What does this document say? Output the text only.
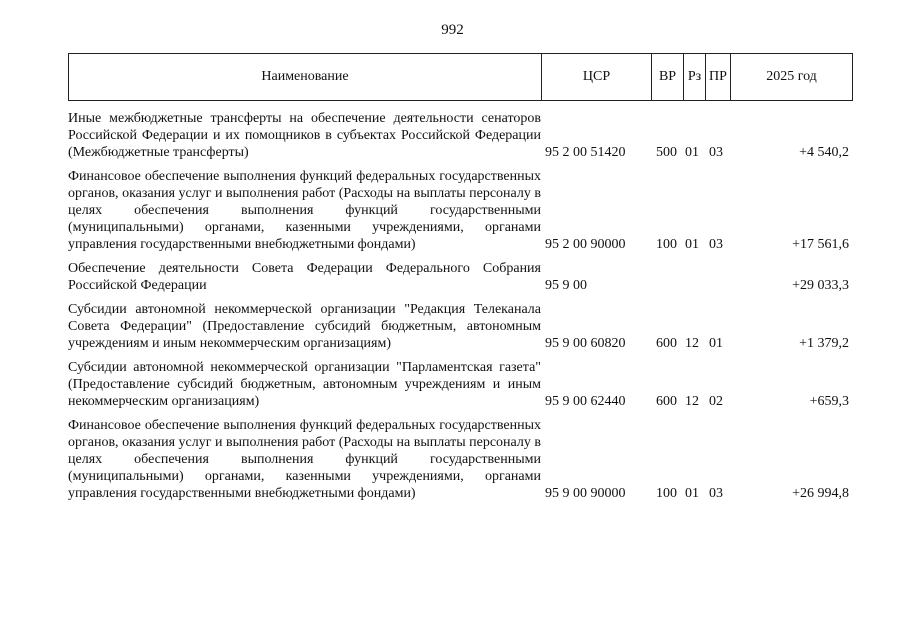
992
Наименование	ЦСР	ВР Рз ПР	2025 год
Иные межбюджетные трансферты на обеспечение деятельности сенаторов Российской Федерации и их помощников в субъектах Российской Федерации (Межбюджетные трансферты)	95 2 00 51420	500 01 03	+4 540,2
Финансовое обеспечение выполнения функций федеральных государственных органов, оказания услуг и выполнения работ (Расходы на выплаты персоналу в целях обеспечения выполнения функций государственными (муниципальными) органами, казенными учреждениями, органами управления государственными внебюджетными фондами)	95 2 00 90000	100 01 03	+17 561,6
Обеспечение деятельности Совета Федерации Федерального Собрания Российской Федерации	95 9 00	+29 033,3
Субсидии автономной некоммерческой организации "Редакция Телеканала Совета Федерации" (Предоставление субсидий бюджетным, автономным учреждениям и иным некоммерческим организациям)	95 9 00 60820	600 12 01	+1 379,2
Субсидии автономной некоммерческой организации "Парламентская газета" (Предоставление субсидий бюджетным, автономным учреждениям и иным некоммерческим организациям)	95 9 00 62440	600 12 02	+659,3
Финансовое обеспечение выполнения функций федеральных государственных органов, оказания услуг и выполнения работ (Расходы на выплаты персоналу в целях обеспечения выполнения функций государственными (муниципальными) органами, казенными учреждениями, органами управления государственными внебюджетными фондами)	95 9 00 90000	100 01 03	+26 994,8
